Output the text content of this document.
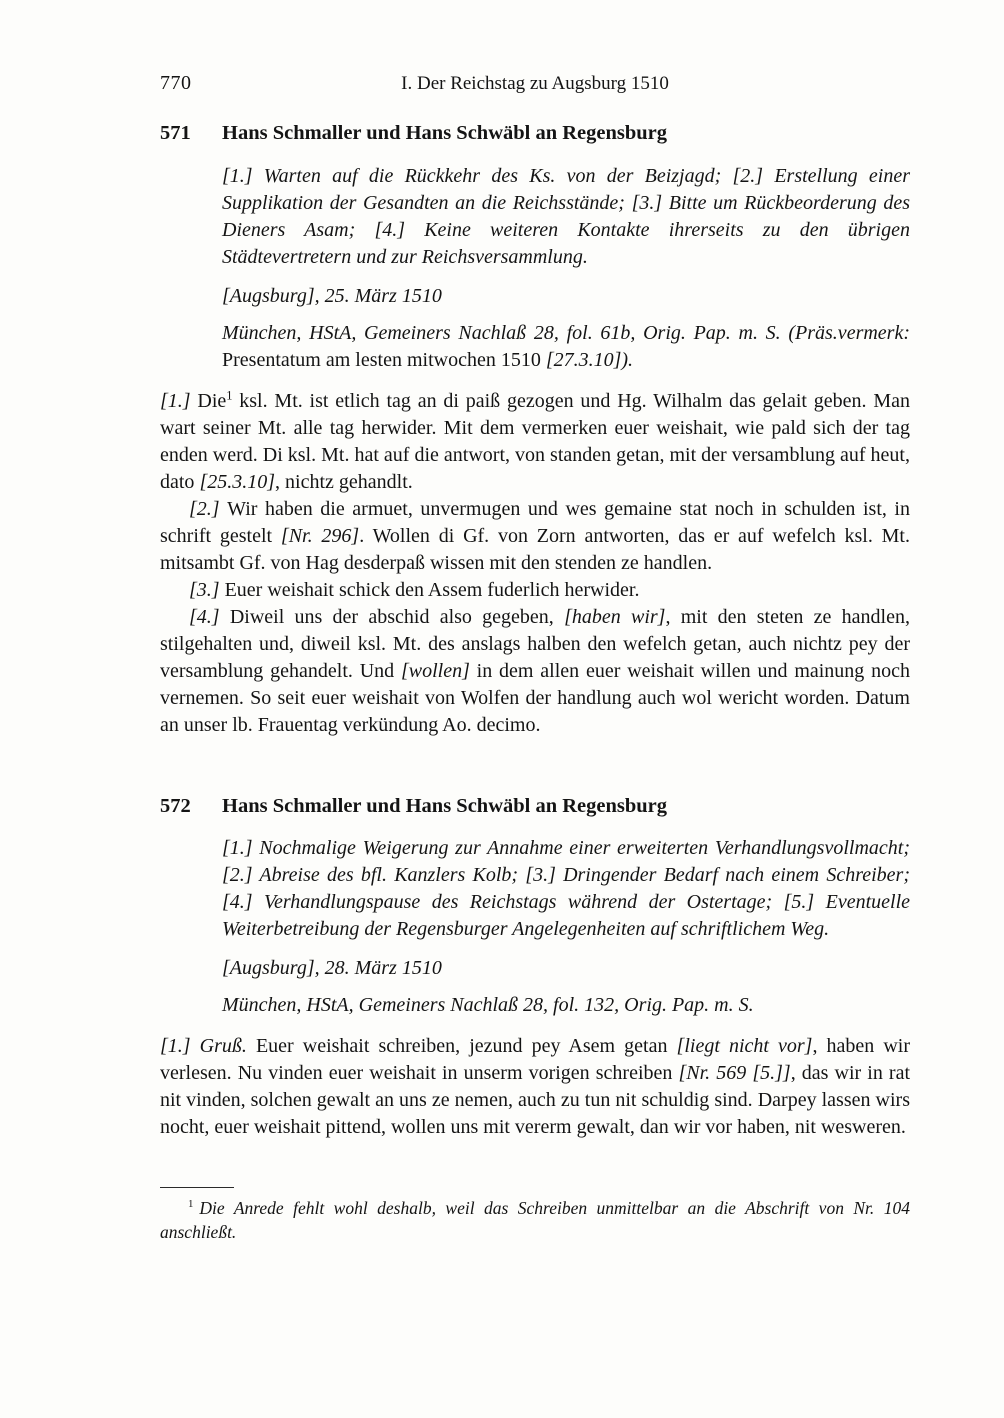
770	I. Der Reichstag zu Augsburg 1510
571 Hans Schmaller und Hans Schwäbl an Regensburg

[1.] Warten auf die Rückkehr des Ks. von der Beizjagd; [2.] Erstellung einer Supplikation der Gesandten an die Reichsstände; [3.] Bitte um Rückbeorderung des Dieners Asam; [4.] Keine weiteren Kontakte ihrerseits zu den übrigen Städtevertretern und zur Reichsversammlung.

[Augsburg], 25. März 1510

München, HStA, Gemeiners Nachlaß 28, fol. 61b, Orig. Pap. m. S. (Präs.vermerk: Presentatum am lesten mitwochen 1510 [27.3.10]).

[1.] Die$^1$ ksl. Mt. ist etlich tag an di paiß gezogen und Hg. Wilhalm das gelait geben. Man wart seiner Mt. alle tag herwider. Mit dem vermerken euer weishait, wie pald sich der tag enden werd. Di ksl. Mt. hat auf die antwort, von standen getan, mit der versamblung auf heut, dato [25.3.10], nichtz gehandlt.

[2.] Wir haben die armuet, unvermugen und wes gemaine stat noch in schulden ist, in schrift gestelt [Nr. 296]. Wollen di Gf. von Zorn antworten, das er auf wefelch ksl. Mt. mitsambt Gf. von Hag desderpaß wissen mit den stenden ze handlen.

[3.] Euer weishait schick den Assem fuderlich herwider.

[4.] Diweil uns der abschid also gegeben, [haben wir], mit den steten ze handlen, stilgehalten und, diweil ksl. Mt. des anslags halben den wefelch getan, auch nichtz pey der versamblung gehandelt. Und [wollen] in dem allen euer weishait willen und mainung noch vernemen. So seit euer weishait von Wolfen der handlung auch wol wericht worden. Datum an unser lb. Frauentag verkündung Ao. decimo.

572 Hans Schmaller und Hans Schwäbl an Regensburg

[1.] Nochmalige Weigerung zur Annahme einer erweiterten Verhandlungsvollmacht; [2.] Abreise des bfl. Kanzlers Kolb; [3.] Dringender Bedarf nach einem Schreiber; [4.] Verhandlungspause des Reichstags während der Ostertage; [5.] Eventuelle Weiterbetreibung der Regensburger Angelegenheiten auf schriftlichem Weg.

[Augsburg], 28. März 1510

München, HStA, Gemeiners Nachlaß 28, fol. 132, Orig. Pap. m. S.

[1.] Gruß. Euer weishait schreiben, jezund pey Asem getan [liegt nicht vor], haben wir verlesen. Nu vinden euer weishait in unserm vorigen schreiben [Nr. 569 [5.]], das wir in rat nit vinden, solchen gewalt an uns ze nemen, auch zu tun nit schuldig sind. Darpey lassen wirs nocht, euer weishait pittend, wollen uns mit vererm gewalt, dan wir vor haben, nit wesweren.

$^1$ Die Anrede fehlt wohl deshalb, weil das Schreiben unmittelbar an die Abschrift von Nr. 104 anschließt.
